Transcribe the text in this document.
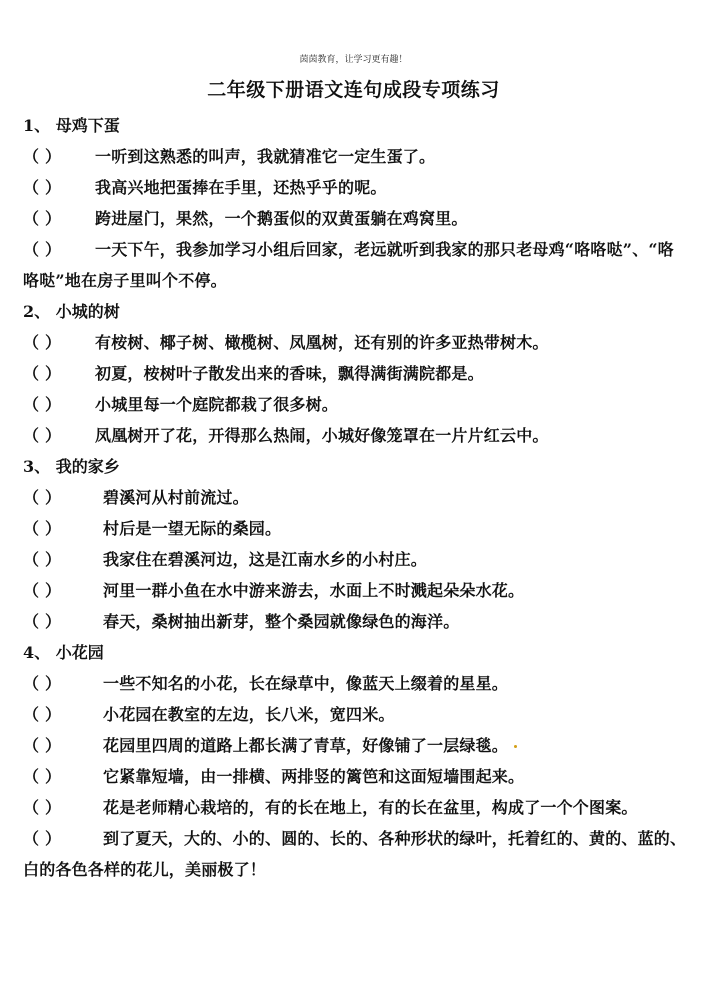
茵茵教育，让学习更有趣！
二年级下册语文连句成段专项练习
1、 母鸡下蛋
（ ） 一听到这熟悉的叫声，我就猜准它一定生蛋了。
（ ） 我高兴地把蛋捧在手里，还热乎乎的呢。
（ ） 跨进屋门，果然，一个鹅蛋似的双黄蛋躺在鸡窝里。
（ ） 一天下午，我参加学习小组后回家，老远就听到我家的那只老母鸡“咯咯哒”、“咯咯哒”地在房子里叫个不停。
2、 小城的树
（ ） 有桉树、椰子树、橄榄树、凤凰树，还有别的许多亚热带树木。
（ ） 初夏，桉树叶子散发出来的香味，飘得满街满院都是。
（ ） 小城里每一个庭院都栽了很多树。
（ ） 凤凰树开了花，开得那么热闹，小城好像笼罩在一片片红云中。
3、 我的家乡
（ ）	碧溪河从村前流过。
（ ）	村后是一望无际的桑园。
（ ）	我家住在碧溪河边，这是江南水乡的小村庄。
（ ）	河里一群小鱼在水中游来游去，水面上不时溅起朵朵水花。
（ ）	春天，桑树抽出新芽，整个桑园就像绿色的海洋。
4、 小花园
（ ）	一些不知名的小花，长在绿草中，像蓝天上缀着的星星。
（ ）	小花园在教室的左边，长八米，宽四米。
（ ）	花园里四周的道路上都长满了青草，好像铺了一层绿毯。
（ ）	它紧靠短墙，由一排横、两排竖的篱笆和这面短墙围起来。
（ ）	花是老师精心栽培的，有的长在地上，有的长在盆里，构成了一个个图案。
（ ）	到了夏天，大的、小的、圆的、长的、各种形状的绿叶，托着红的、黄的、蓝的、白的各色各样的花儿，美丽极了！
